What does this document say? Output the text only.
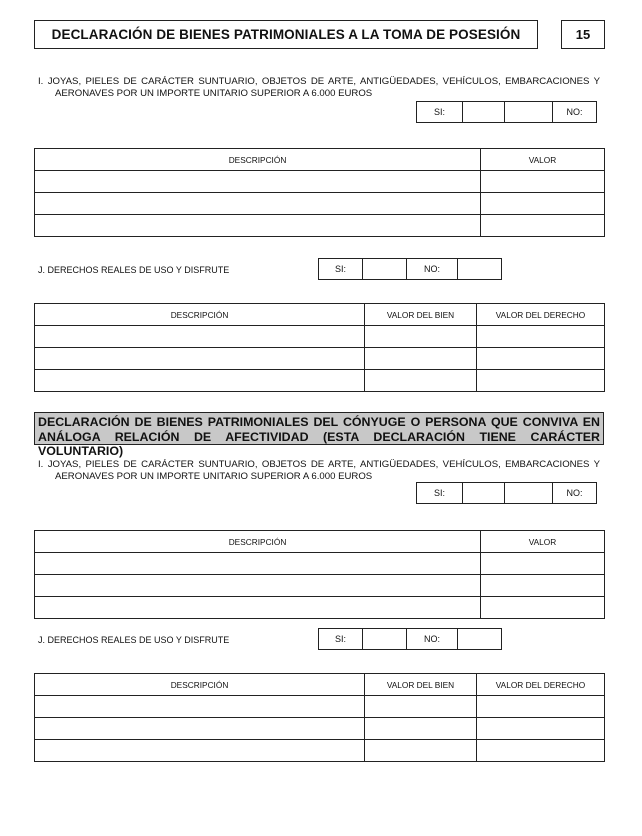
DECLARACIÓN DE BIENES PATRIMONIALES A LA TOMA DE POSESIÓN	15
I. JOYAS, PIELES DE CARÁCTER SUNTUARIO, OBJETOS DE ARTE, ANTIGÜEDADES, VEHÍCULOS, EMBARCACIONES Y
AERONAVES POR UN IMPORTE UNITARIO SUPERIOR A 6.000 EUROS
SI:	NO:
DESCRIPCIÓN	VALOR

J. DERECHOS REALES DE USO Y DISFRUTE	SI:	NO:
DESCRIPCIÓN	VALOR DEL BIEN	VALOR DEL DERECHO

DECLARACIÓN DE BIENES PATRIMONIALES DEL CÓNYUGE O PERSONA QUE CONVIVA EN
ANÁLOGA RELACIÓN DE AFECTIVIDAD (ESTA DECLARACIÓN TIENE CARÁCTER VOLUNTARIO)
I. JOYAS, PIELES DE CARÁCTER SUNTUARIO, OBJETOS DE ARTE, ANTIGÜEDADES, VEHÍCULOS, EMBARCACIONES Y
AERONAVES POR UN IMPORTE UNITARIO SUPERIOR A 6.000 EUROS
SI:	NO:
DESCRIPCIÓN	VALOR

J. DERECHOS REALES DE USO Y DISFRUTE	SI:	NO:
DESCRIPCIÓN	VALOR DEL BIEN	VALOR DEL DERECHO
